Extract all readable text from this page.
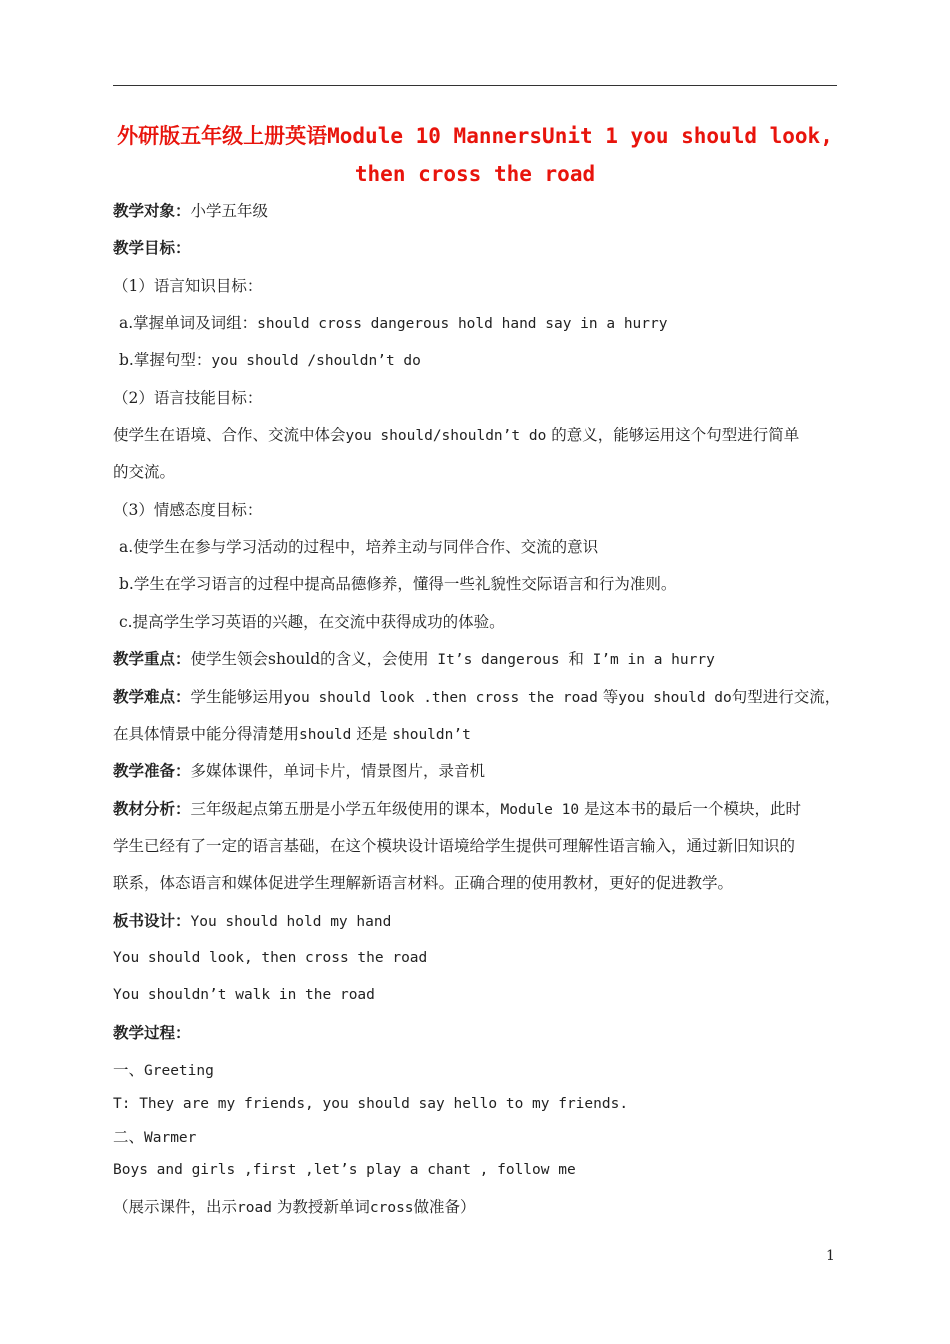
外研版五年级上册英语Module 10 MannersUnit 1 you should look,
then cross the road
教学对象：小学五年级
教学目标：
（1）语言知识目标：
a.掌握单词及词组：should cross dangerous hold hand say in a hurry
b.掌握句型：you should /shouldn’t do
（2）语言技能目标：
使学生在语境、合作、交流中体会you should/shouldn’t do 的意义，能够运用这个句型进行简单
的交流。
（3）情感态度目标：
a.使学生在参与学习活动的过程中，培养主动与同伴合作、交流的意识
b.学生在学习语言的过程中提高品德修养，懂得一些礼貌性交际语言和行为准则。
c.提高学生学习英语的兴趣，在交流中获得成功的体验。
教学重点：使学生领会should的含义，会使用 It’s dangerous 和 I’m in a hurry
教学难点：学生能够运用you should look .then cross the road 等you should do句型进行交流，
在具体情景中能分得清楚用should 还是 shouldn’t
教学准备：多媒体课件，单词卡片，情景图片，录音机
教材分析：三年级起点第五册是小学五年级使用的课本，Module 10 是这本书的最后一个模块，此时
学生已经有了一定的语言基础，在这个模块设计语境给学生提供可理解性语言输入，通过新旧知识的
联系，体态语言和媒体促进学生理解新语言材料。正确合理的使用教材，更好的促进教学。
板书设计：You should hold my hand
You should look, then cross the road
You shouldn’t walk in the road
教学过程：
一、Greeting
T: They are my friends, you should say hello to my friends.
二、Warmer
Boys and girls ,first ,let’s play a chant , follow me
（展示课件，出示road 为教授新单词cross做准备）
1
